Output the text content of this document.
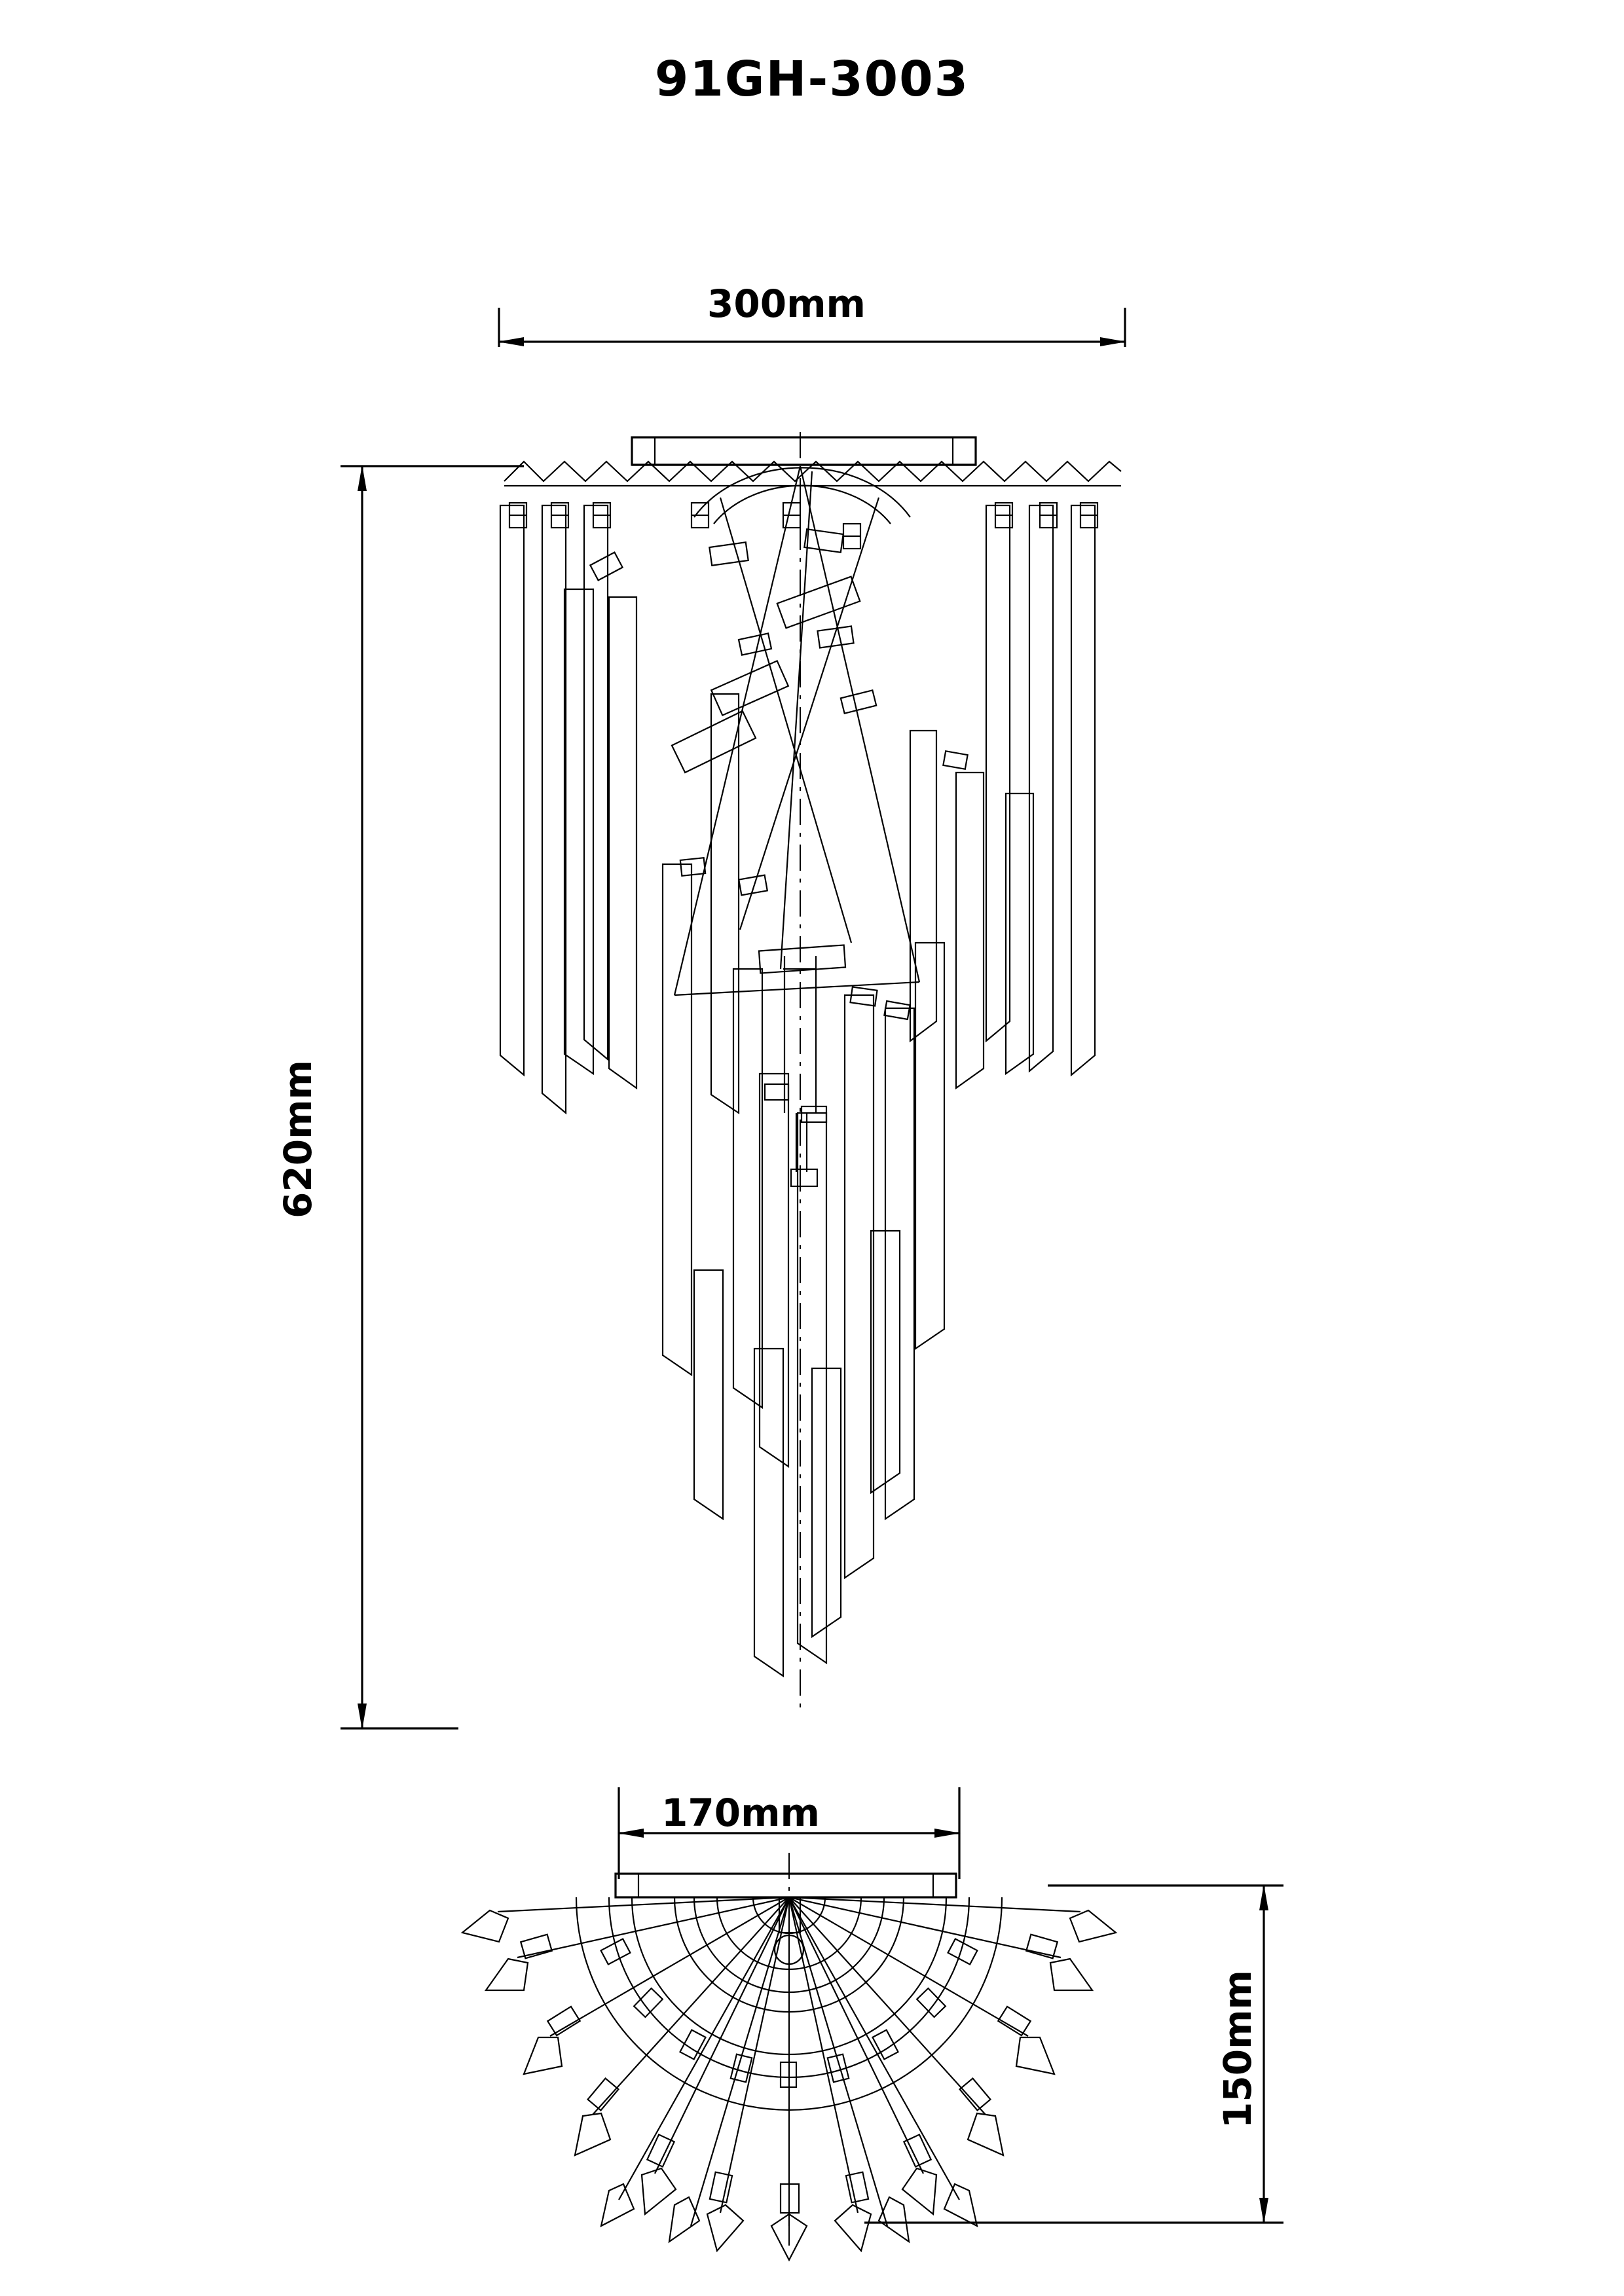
91GH-3003
300mm
620mm
170mm
150mm
